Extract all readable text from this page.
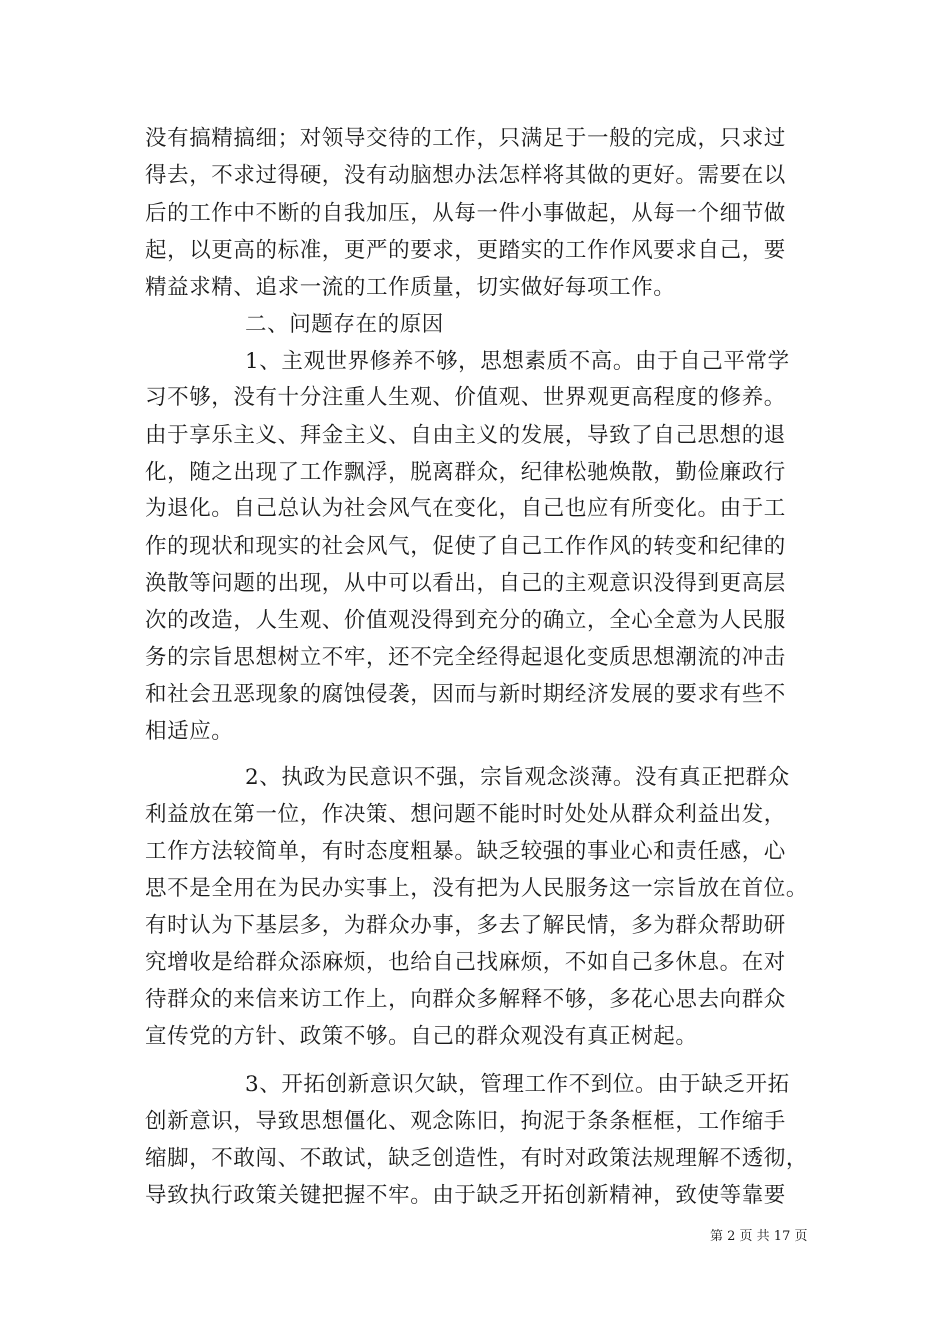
没有搞精搞细；对领导交待的工作，只满足于一般的完成，只求过
得去，不求过得硬，没有动脑想办法怎样将其做的更好。需要在以
后的工作中不断的自我加压，从每一件小事做起，从每一个细节做
起，以更高的标准，更严的要求，更踏实的工作作风要求自己，要
精益求精、追求一流的工作质量，切实做好每项工作。
二、问题存在的原因
1、主观世界修养不够，思想素质不高。由于自己平常学
习不够，没有十分注重人生观、价值观、世界观更高程度的修养。
由于享乐主义、拜金主义、自由主义的发展，导致了自己思想的退
化，随之出现了工作飘浮，脱离群众，纪律松驰焕散，勤俭廉政行
为退化。自己总认为社会风气在变化，自己也应有所变化。由于工
作的现状和现实的社会风气，促使了自己工作作风的转变和纪律的
涣散等问题的出现，从中可以看出，自己的主观意识没得到更高层
次的改造，人生观、价值观没得到充分的确立，全心全意为人民服
务的宗旨思想树立不牢，还不完全经得起退化变质思想潮流的冲击
和社会丑恶现象的腐蚀侵袭，因而与新时期经济发展的要求有些不
相适应。
2、执政为民意识不强，宗旨观念淡薄。没有真正把群众
利益放在第一位，作决策、想问题不能时时处处从群众利益出发，
工作方法较简单，有时态度粗暴。缺乏较强的事业心和责任感，心
思不是全用在为民办实事上，没有把为人民服务这一宗旨放在首位。
有时认为下基层多，为群众办事，多去了解民情，多为群众帮助研
究增收是给群众添麻烦，也给自己找麻烦，不如自己多休息。在对
待群众的来信来访工作上，向群众多解释不够，多花心思去向群众
宣传党的方针、政策不够。自己的群众观没有真正树起。
3、开拓创新意识欠缺，管理工作不到位。由于缺乏开拓
创新意识，导致思想僵化、观念陈旧，拘泥于条条框框，工作缩手
缩脚，不敢闯、不敢试，缺乏创造性，有时对政策法规理解不透彻，
导致执行政策关键把握不牢。由于缺乏开拓创新精神，致使等靠要
第 2 页 共 17 页
